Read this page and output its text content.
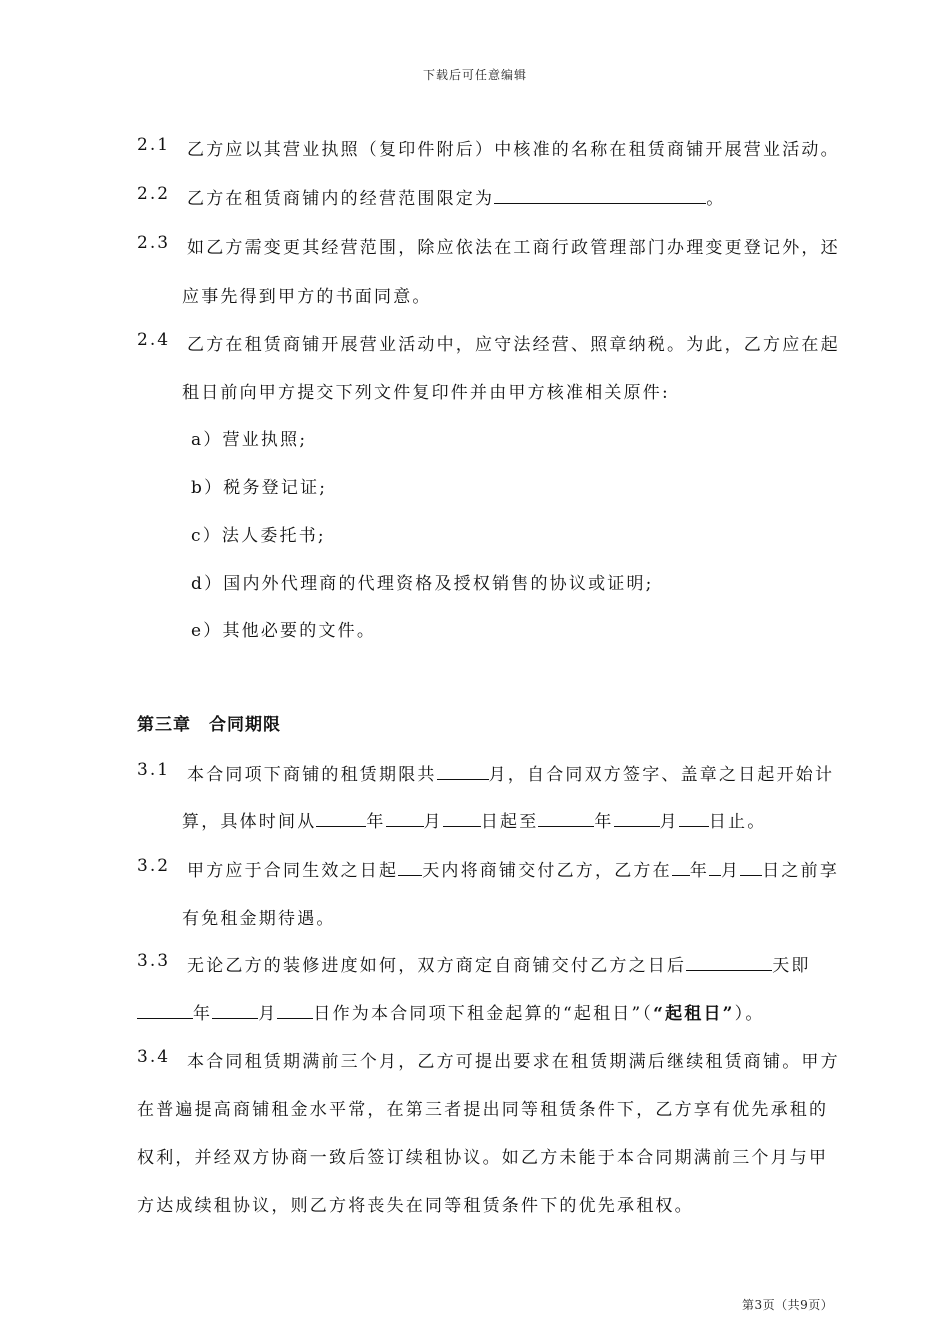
下载后可任意编辑
2.1 乙方应以其营业执照（复印件附后）中核准的名称在租赁商铺开展营业活动。
2.2 乙方在租赁商铺内的经营范围限定为	。
2.3 如乙方需变更其经营范围，除应依法在工商行政管理部门办理变更登记外，还
应事先得到甲方的书面同意。
2.4 乙方在租赁商铺开展营业活动中，应守法经营、照章纳税。为此，乙方应在起
租日前向甲方提交下列文件复印件并由甲方核准相关原件:
a）营业执照;
b）税务登记证;
c）法人委托书;
d）国内外代理商的代理资格及授权销售的协议或证明;
e）其他必要的文件。
第三章 合同期限
3.1 本合同项下商铺的租赁期限共	月，自合同双方签字、盖章之日起开始计
算，具体时间从	年 月 日起至	年	月 日止。
3.2 甲方应于合同生效之日起 天内将商铺交付乙方，乙方在 年 月 日之前享
有免租金期待遇。
3.3 无论乙方的装修进度如何，双方商定自商铺交付乙方之日后	天即
年	月 日作为本合同项下租金起算的“起租日”（“起租日”）。
3.4 本合同租赁期满前三个月，乙方可提出要求在租赁期满后继续租赁商铺。甲方
在普遍提高商铺租金水平常，在第三者提出同等租赁条件下，乙方享有优先承租的
权利，并经双方协商一致后签订续租协议。如乙方未能于本合同期满前三个月与甲
方达成续租协议，则乙方将丧失在同等租赁条件下的优先承租权。
第3页（共9页）
